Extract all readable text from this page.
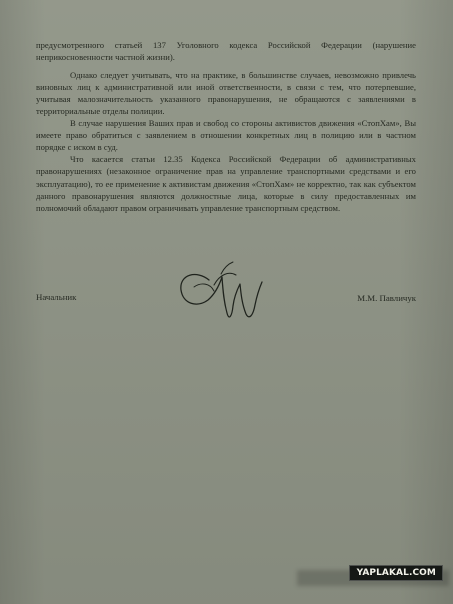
предусмотренного статьей 137 Уголовного кодекса Российской Федерации (нарушение неприкосновенности частной жизни).

Однако следует учитывать, что на практике, в большинстве случаев, невозможно привлечь виновных лиц к административной или иной ответственности, в связи с тем, что потерпевшие, учитывая малозначительность указанного правонарушения, не обращаются с заявлениями в территориальные отделы полиции.

В случае нарушения Ваших прав и свобод со стороны активистов движения «СтопХам», Вы имеете право обратиться с заявлением в отношении конкретных лиц в полицию или в частном порядке с иском в суд.

Что касается статьи 12.35 Кодекса Российской Федерации об административных правонарушениях (незаконное ограничение прав на управление транспортными средствами и его эксплуатацию), то ее применение к активистам движения «СтопХам» не корректно, так как субъектом данного правонарушения являются должностные лица, которые в силу предоставленных им полномочий обладают правом ограничивать управление транспортным средством.

Начальник	М.М. Павличук
YAPLAKAL.COM
